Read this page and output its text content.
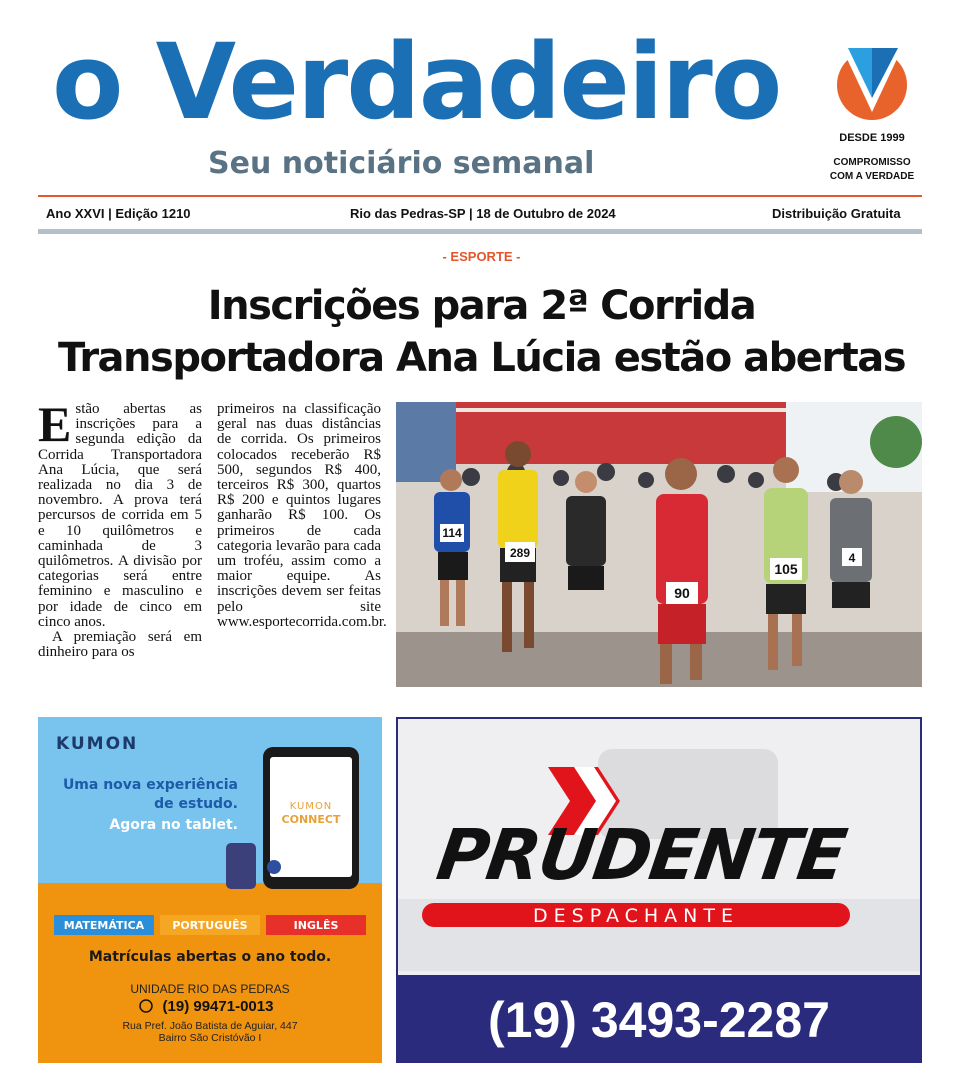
o Verdadeiro
Seu noticiário semanal
DESDE 1999
COMPROMISSO
COM A VERDADE
Ano XXVI | Edição 1210	Rio das Pedras-SP | 18 de Outubro de 2024	Distribuição Gratuita
- ESPORTE -
Inscrições para 2ª Corrida
Transportadora Ana Lúcia estão abertas

Estão abertas as inscrições para a segunda edição da Corrida Transportadora Ana Lúcia, que será realizada no dia 3 de novembro. A prova terá percursos de corrida em 5 e 10 quilômetros e caminhada de 3 quilômetros. A divisão por categorias será entre feminino e masculino e por idade de cinco em cinco anos.

A premiação será em dinheiro para os

primeiros na classificação geral nas duas distâncias de corrida. Os primeiros colocados receberão R$ 500, segundos R$ 400, terceiros R$ 300, quartos R$ 200 e quintos lugares ganharão R$ 100. Os primeiros de cada categoria levarão para cada um troféu, assim como a maior equipe. As inscrições devem ser feitas pelo site www.esportecorrida.com.br.

114
289
90
105
4
KUMON
Uma nova experiência
de estudo.
Agora no tablet.
KUMON
CONNECT
MATEMÁTICA	PORTUGUÊS	INGLÊS
Matrículas abertas o ano todo.
UNIDADE RIO DAS PEDRAS
(19) 99471-0013
Rua Pref. João Batista de Aguiar, 447
Bairro São Cristóvão I
PRUDENTE
DESPACHANTE
(19) 3493-2287
